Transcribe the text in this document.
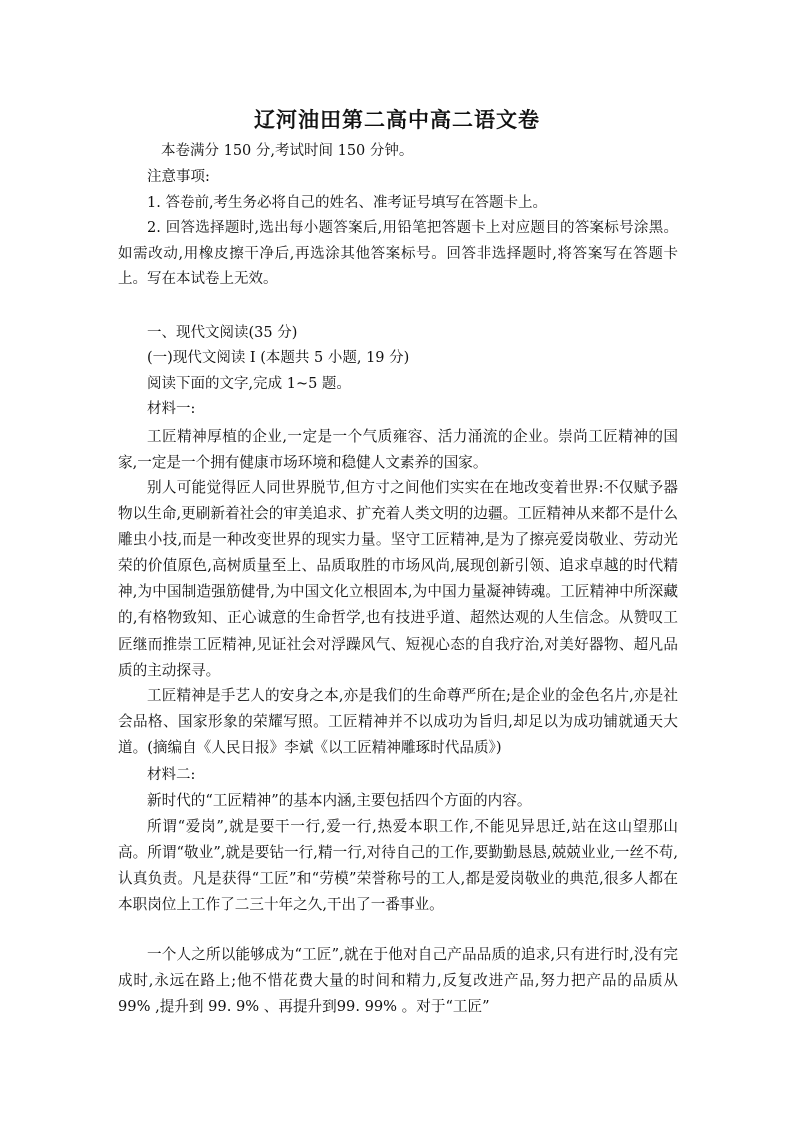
辽河油田第二高中高二语文卷

本卷满分 150 分,考试时间 150 分钟。

注意事项:

1. 答卷前,考生务必将自己的姓名、准考证号填写在答题卡上。

2. 回答选择题时,选出每小题答案后,用铅笔把答题卡上对应题目的答案标号涂黑。如需改动,用橡皮擦干净后,再选涂其他答案标号。回答非选择题时,将答案写在答题卡上。写在本试卷上无效。

一、现代文阅读(35 分)

(一)现代文阅读 Ⅰ (本题共 5 小题, 19 分)

阅读下面的文字,完成 1~5 题。

材料一:

工匠精神厚植的企业,一定是一个气质雍容、活力涌流的企业。崇尚工匠精神的国家,一定是一个拥有健康市场环境和稳健人文素养的国家。

别人可能觉得匠人同世界脱节,但方寸之间他们实实在在地改变着世界:不仅赋予器物以生命,更刷新着社会的审美追求、扩充着人类文明的边疆。工匠精神从来都不是什么雕虫小技,而是一种改变世界的现实力量。坚守工匠精神,是为了擦亮爱岗敬业、劳动光荣的价值原色,高树质量至上、品质取胜的市场风尚,展现创新引领、追求卓越的时代精神,为中国制造强筋健骨,为中国文化立根固本,为中国力量凝神铸魂。工匠精神中所深藏的,有格物致知、正心诚意的生命哲学,也有技进乎道、超然达观的人生信念。从赞叹工匠继而推崇工匠精神,见证社会对浮躁风气、短视心态的自我疗治,对美好器物、超凡品质的主动探寻。

工匠精神是手艺人的安身之本,亦是我们的生命尊严所在;是企业的金色名片,亦是社会品格、国家形象的荣耀写照。工匠精神并不以成功为旨归,却足以为成功铺就通天大道。(摘编自《人民日报》李斌《以工匠精神雕琢时代品质》)

材料二:

新时代的“工匠精神”的基本内涵,主要包括四个方面的内容。

所谓“爱岗”,就是要干一行,爱一行,热爱本职工作,不能见异思迁,站在这山望那山高。所谓“敬业”,就是要钻一行,精一行,对待自己的工作,要勤勤恳恳,兢兢业业,一丝不苟,认真负责。凡是获得“工匠”和“劳模”荣誉称号的工人,都是爱岗敬业的典范,很多人都在本职岗位上工作了二三十年之久,干出了一番事业。

一个人之所以能够成为“工匠”,就在于他对自己产品品质的追求,只有进行时,没有完成时,永远在路上;他不惜花费大量的时间和精力,反复改进产品,努力把产品的品质从 99% ,提升到 99. 9% 、再提升到99. 99% 。对于“工匠”
